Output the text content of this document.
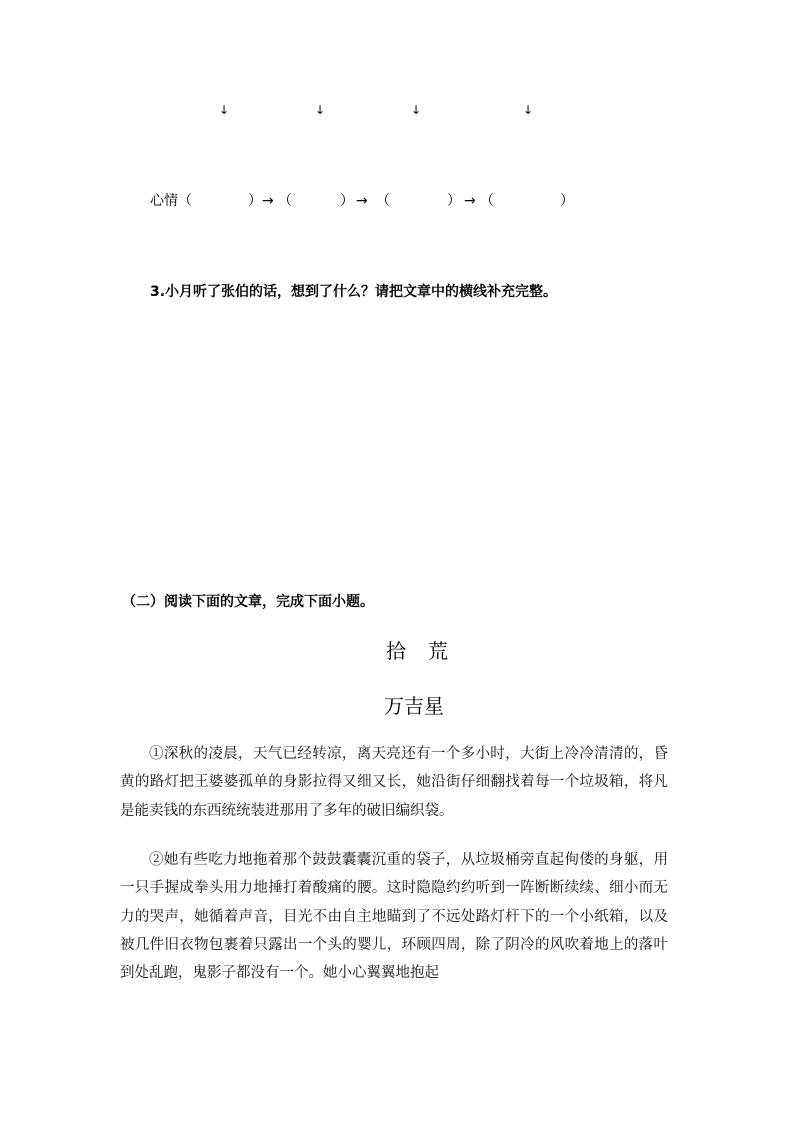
↓	↓	↓	↓
心情（	） → （	） → （	） → （	）
3.小月听了张伯的话，想到了什么？请把文章中的横线补充完整。
（二）阅读下面的文章，完成下面小题。
拾荒
万吉星
①深秋的凌晨，天气已经转凉，离天亮还有一个多小时，大街上冷冷清清的，昏黄的路灯把王婆婆孤单的身影拉得又细又长，她沿街仔细翻找着每一个垃圾箱，将凡是能卖钱的东西统统装进那用了多年的破旧编织袋。
②她有些吃力地拖着那个鼓鼓囊囊沉重的袋子，从垃圾桶旁直起佝偻的身躯，用一只手握成拳头用力地捶打着酸痛的腰。这时隐隐约约听到一阵断断续续、细小而无力的哭声，她循着声音，目光不由自主地瞄到了不远处路灯杆下的一个小纸箱，以及被几件旧衣物包裹着只露出一个头的婴儿，环顾四周，除了阴冷的风吹着地上的落叶到处乱跑，鬼影子都没有一个。她小心翼翼地抱起
